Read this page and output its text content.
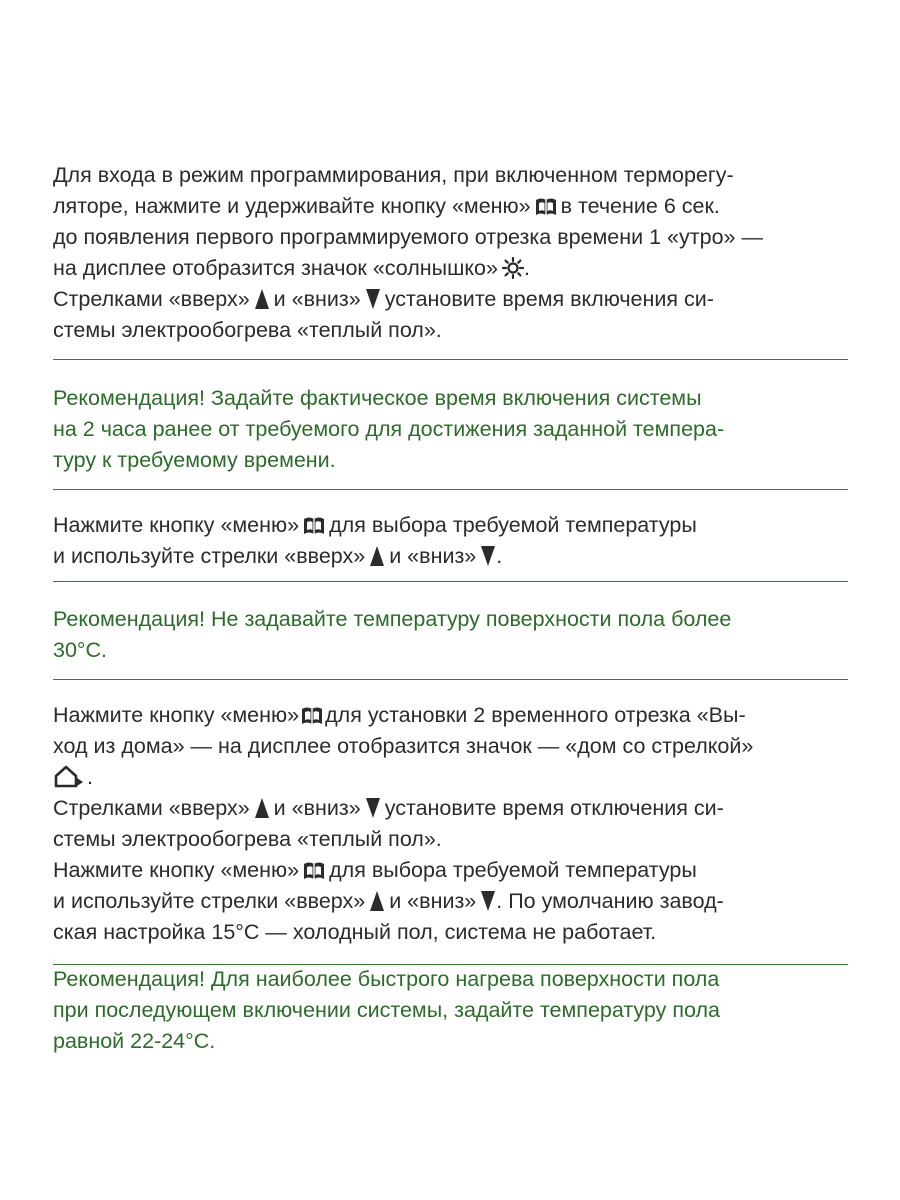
Для входа в режим программирования, при включенном терморегу-
ляторе, нажмите и удерживайте кнопку «меню» в течение 6 сек.
до появления первого программируемого отрезка времени 1 «утро» —
на дисплее отобразится значок «солнышко» .
Стрелками «вверх» и «вниз» установите время включения си-
стемы электрообогрева «теплый пол».
Рекомендация! Задайте фактическое время включения системы
на 2 часа ранее от требуемого для достижения заданной темпера-
туру к требуемому времени.
Нажмите кнопку «меню» для выбора требуемой температуры
и используйте стрелки «вверх» и «вниз» .
Рекомендация! Не задавайте температуру поверхности пола более
30°С.
Нажмите кнопку «меню» для установки 2 временного отрезка «Вы-
ход из дома» — на дисплее отобразится значок — «дом со стрелкой»
.
Стрелками «вверх» и «вниз» установите время отключения си-
стемы электрообогрева «теплый пол».
Нажмите кнопку «меню» для выбора требуемой температуры
и используйте стрелки «вверх» и «вниз» . По умолчанию завод-
ская настройка 15°С — холодный пол, система не работает.
Рекомендация! Для наиболее быстрого нагрева поверхности пола
при последующем включении системы, задайте температуру пола
равной 22-24°С.
